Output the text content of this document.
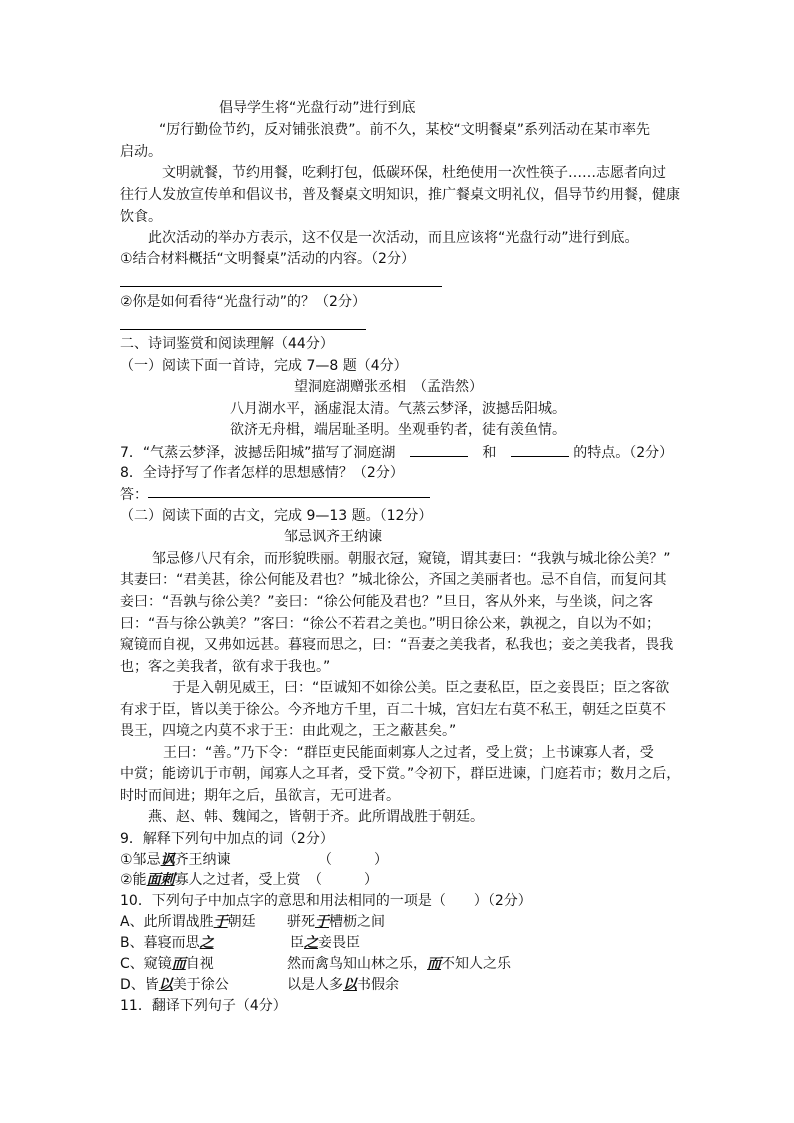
倡导学生将“光盘行动”进行到底
“厉行勤俭节约，反对铺张浪费”。前不久，某校“文明餐桌”系列活动在某市率先
启动。
文明就餐，节约用餐，吃剩打包，低碳环保，杜绝使用一次性筷子……志愿者向过
往行人发放宣传单和倡议书，普及餐桌文明知识，推广餐桌文明礼仪，倡导节约用餐，健康
饮食。
此次活动的举办方表示，这不仅是一次活动，而且应该将“光盘行动”进行到底。
①结合材料概括“文明餐桌”活动的内容。（2分）
②你是如何看待“光盘行动”的？（2分）
二、诗词鉴赏和阅读理解（44分）
（一）阅读下面一首诗，完成 7—8 题（4分）
望洞庭湖赠张丞相　（孟浩然）
八月湖水平，涵虚混太清。气蒸云梦泽，波撼岳阳城。
欲济无舟楫，端居耻圣明。坐观垂钓者，徒有羡鱼情。
7．“气蒸云梦泽，波撼岳阳城”描写了洞庭湖	和	的特点。（2分）
8．全诗抒写了作者怎样的思想感情？（2分）
答：
（二）阅读下面的古文，完成 9—13 题。（12分）
邹忌讽齐王纳谏
邹忌修八尺有余，而形貌昳丽。朝服衣冠，窥镜，谓其妻曰：“我孰与城北徐公美？”
其妻曰：“君美甚，徐公何能及君也？”城北徐公，齐国之美丽者也。忌不自信，而复问其
妾曰：“吾孰与徐公美？”妾曰：“徐公何能及君也？”旦日，客从外来，与坐谈，问之客
曰：“吾与徐公孰美？”客曰：“徐公不若君之美也。”明日徐公来，孰视之，自以为不如；
窥镜而自视，又弗如远甚。暮寝而思之，曰：“吾妻之美我者，私我也；妾之美我者，畏我
也；客之美我者，欲有求于我也。”
于是入朝见威王，曰：“臣诚知不如徐公美。臣之妻私臣，臣之妾畏臣；臣之客欲
有求于臣，皆以美于徐公。今齐地方千里，百二十城，宫妇左右莫不私王，朝廷之臣莫不
畏王，四境之内莫不求于王：由此观之，王之蔽甚矣。”
王曰：“善。”乃下令：“群臣吏民能面刺寡人之过者，受上赏；上书谏寡人者，受
中赏；能谤讥于市朝，闻寡人之耳者，受下赏。”令初下，群臣进谏，门庭若市；数月之后，
时时而间进；期年之后，虽欲言，无可进者。
燕、赵、韩、魏闻之，皆朝于齐。此所谓战胜于朝廷。
9．解释下列句中加点的词（2分）
①邹忌讽齐王纳谏	（　　　）
②能面刺寡人之过者，受上赏 （　　　）
10．下列句子中加点字的意思和用法相同的一项是（　　）（2分）
A、此所谓战胜于朝廷 骈死于槽枥之间
B、暮寝而思之	臣之妾畏臣
C、窥镜而自视	然而禽鸟知山林之乐，而不知人之乐
D、皆以美于徐公	以是人多以书假余
11．翻译下列句子（4分）
